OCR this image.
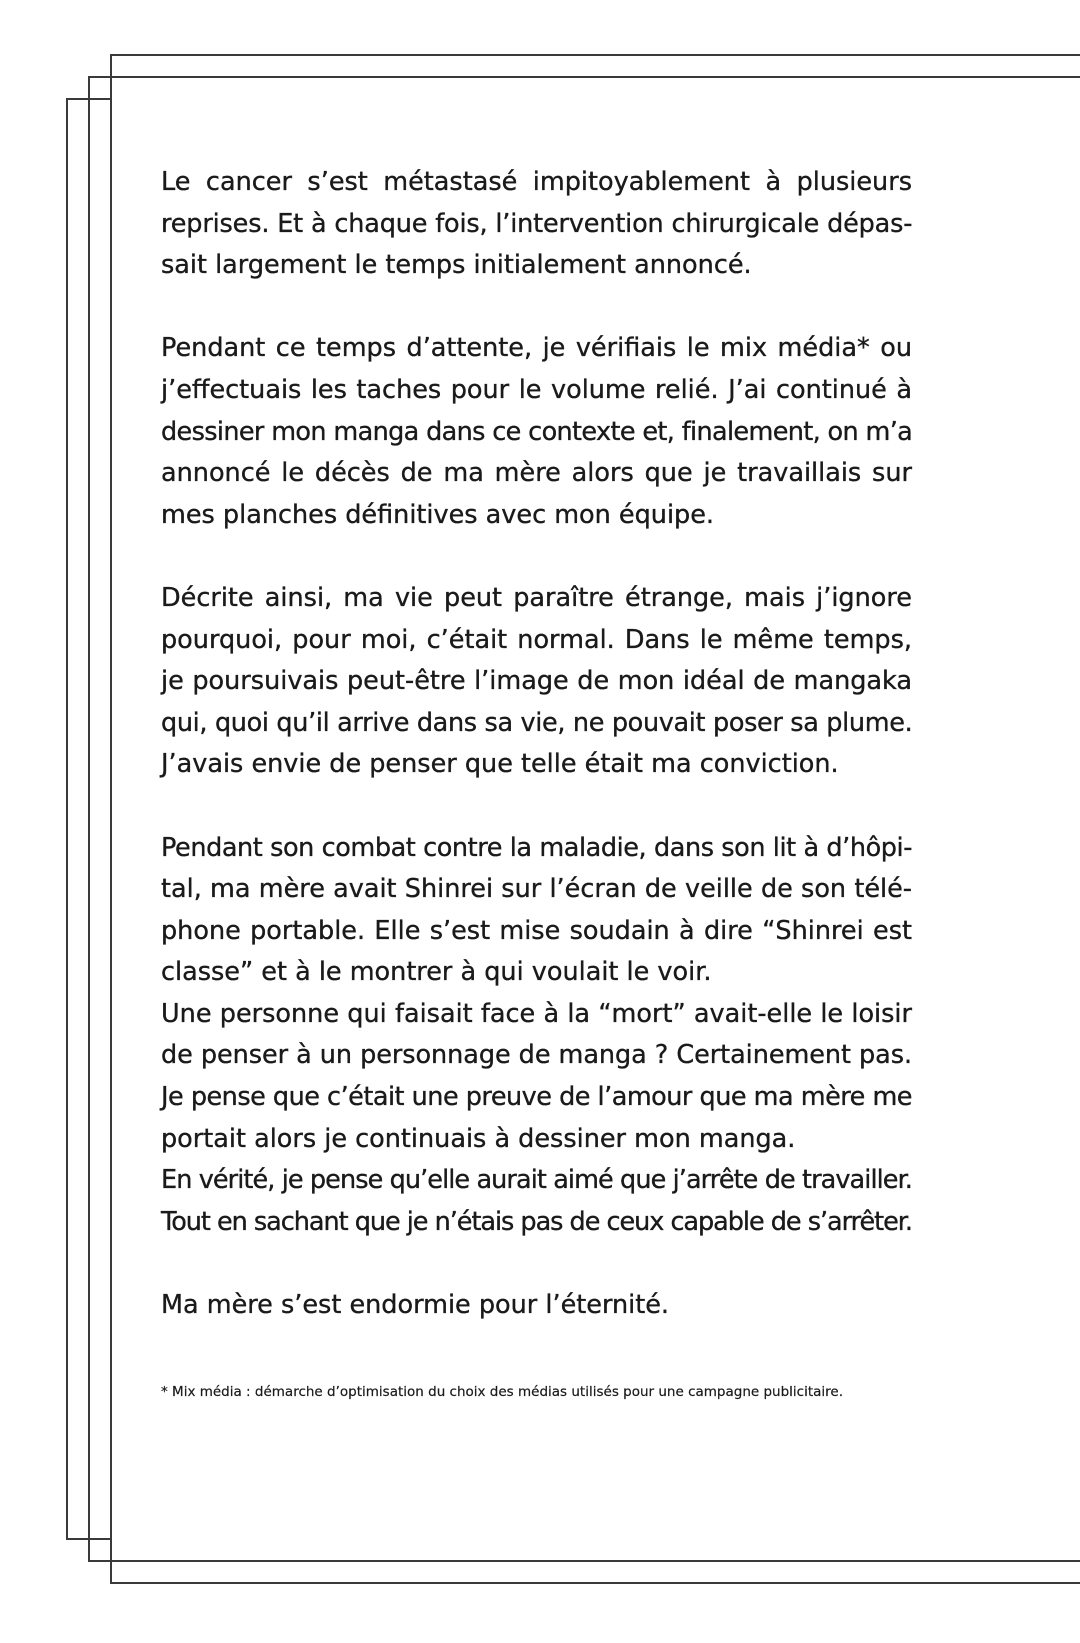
Le cancer s’est métastasé impitoyablement à plusieurs
reprises. Et à chaque fois, l’intervention chirurgicale dépas-
sait largement le temps initialement annoncé.

Pendant ce temps d’attente, je vérifiais le mix média* ou
j’effectuais les taches pour le volume relié. J’ai continué à
dessiner mon manga dans ce contexte et, finalement, on m’a
annoncé le décès de ma mère alors que je travaillais sur
mes planches définitives avec mon équipe.

Décrite ainsi, ma vie peut paraître étrange, mais j’ignore
pourquoi, pour moi, c’était normal. Dans le même temps,
je poursuivais peut-être l’image de mon idéal de mangaka
qui, quoi qu’il arrive dans sa vie, ne pouvait poser sa plume.
J’avais envie de penser que telle était ma conviction.

Pendant son combat contre la maladie, dans son lit à d’hôpi-
tal, ma mère avait Shinrei sur l’écran de veille de son télé-
phone portable. Elle s’est mise soudain à dire “Shinrei est
classe” et à le montrer à qui voulait le voir.
Une personne qui faisait face à la “mort” avait-elle le loisir
de penser à un personnage de manga ? Certainement pas.
Je pense que c’était une preuve de l’amour que ma mère me
portait alors je continuais à dessiner mon manga.
En vérité, je pense qu’elle aurait aimé que j’arrête de travailler.
Tout en sachant que je n’étais pas de ceux capable de s’arrêter.

Ma mère s’est endormie pour l’éternité.

* Mix média : démarche d’optimisation du choix des médias utilisés pour une campagne publicitaire.
